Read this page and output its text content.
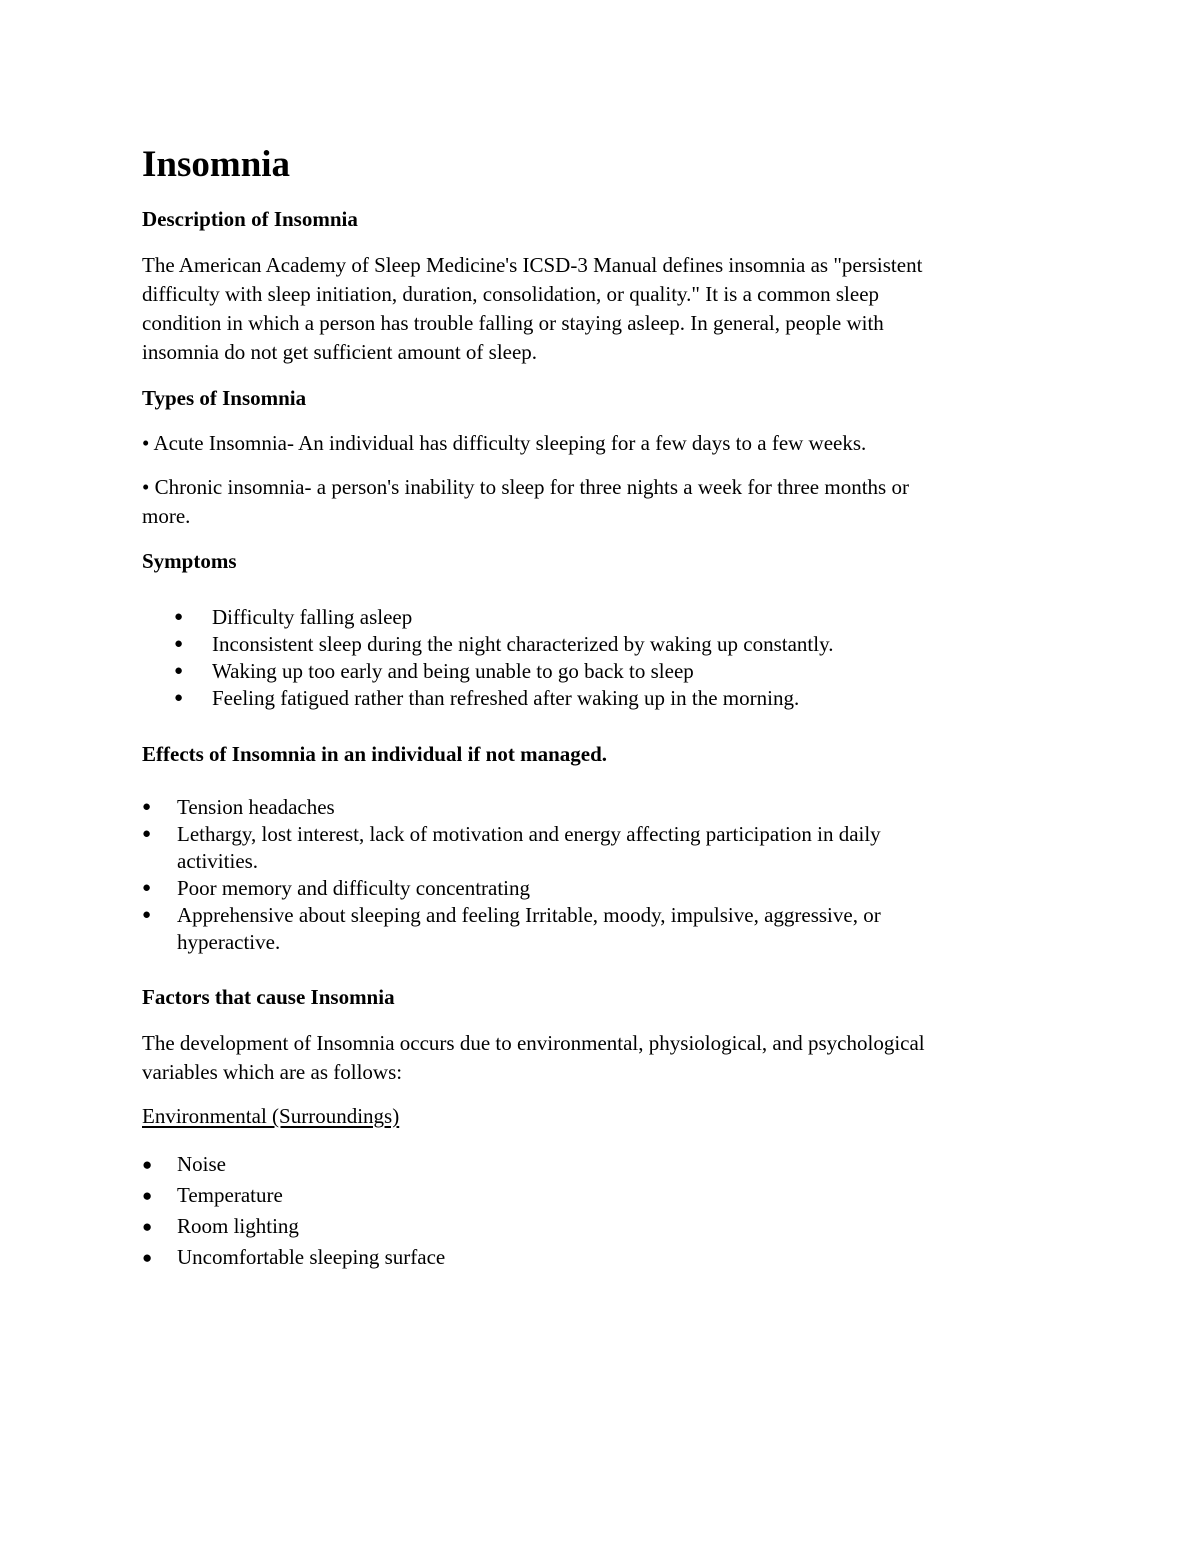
Insomnia
Description of Insomnia
The American Academy of Sleep Medicine's ICSD-3 Manual defines insomnia as "persistent
difficulty with sleep initiation, duration, consolidation, or quality." It is a common sleep
condition in which a person has trouble falling or staying asleep. In general, people with
insomnia do not get sufficient amount of sleep.
Types of Insomnia
• Acute Insomnia- An individual has difficulty sleeping for a few days to a few weeks.
• Chronic insomnia- a person's inability to sleep for three nights a week for three months or
more.
Symptoms
● Difficulty falling asleep
● Inconsistent sleep during the night characterized by waking up constantly.
● Waking up too early and being unable to go back to sleep
● Feeling fatigued rather than refreshed after waking up in the morning.
Effects of Insomnia in an individual if not managed.
● Tension headaches
● Lethargy, lost interest, lack of motivation and energy affecting participation in daily
activities.
● Poor memory and difficulty concentrating
● Apprehensive about sleeping and feeling Irritable, moody, impulsive, aggressive, or
hyperactive.
Factors that cause Insomnia
The development of Insomnia occurs due to environmental, physiological, and psychological
variables which are as follows:
Environmental (Surroundings)
● Noise
● Temperature
● Room lighting
● Uncomfortable sleeping surface
